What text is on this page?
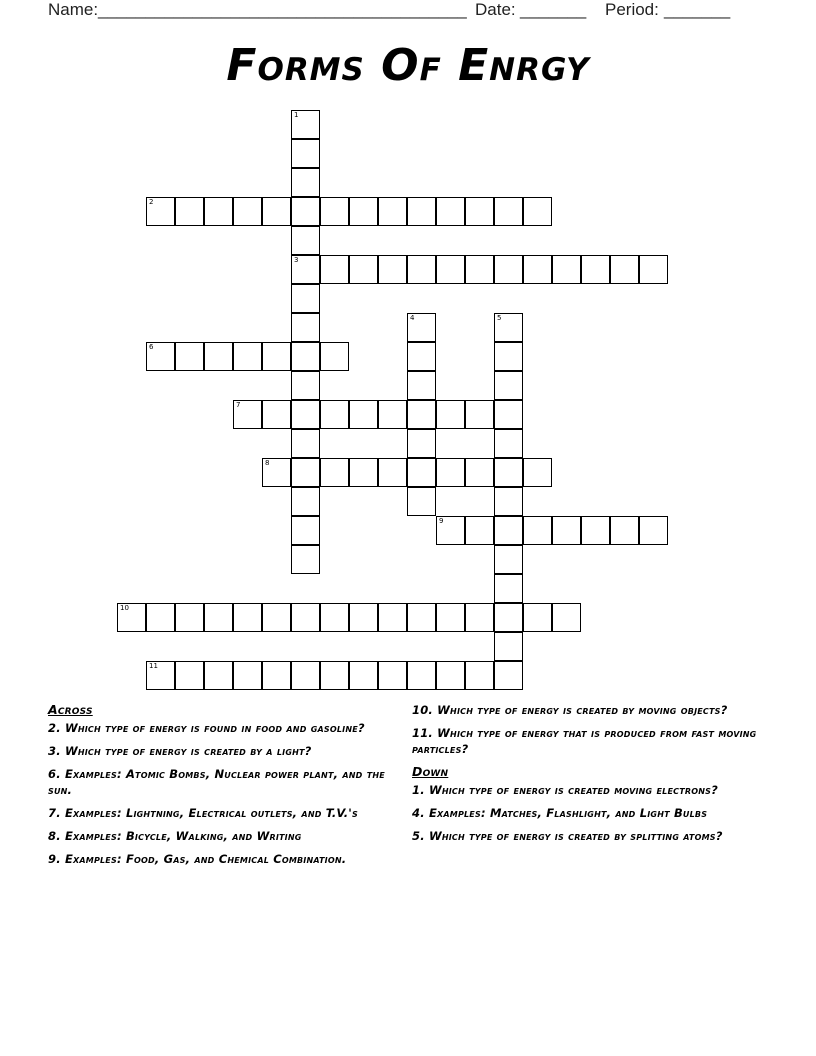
Name: _______________________________________ Date: _______ Period: _______
Forms Of Enrgy
1
3
2
4	5
6
7
8
9
10
11
Across
2. Which type of energy is found in food and gasoline?
3. Which type of energy is created by a light?
6. Examples: Atomic Bombs, Nuclear power plant, and the sun.
7. Examples: Lightning, Electrical outlets, and T.V.'s
8. Examples: Bicycle, Walking, and Writing
9. Examples: Food, Gas, and Chemical Combination.
10. Which type of energy is created by moving objects?
11. Which type of energy that is produced from fast moving particles?
Down
1. Which type of energy is created moving electrons?
4. Examples: Matches, Flashlight, and Light Bulbs
5. Which type of energy is created by splitting atoms?
